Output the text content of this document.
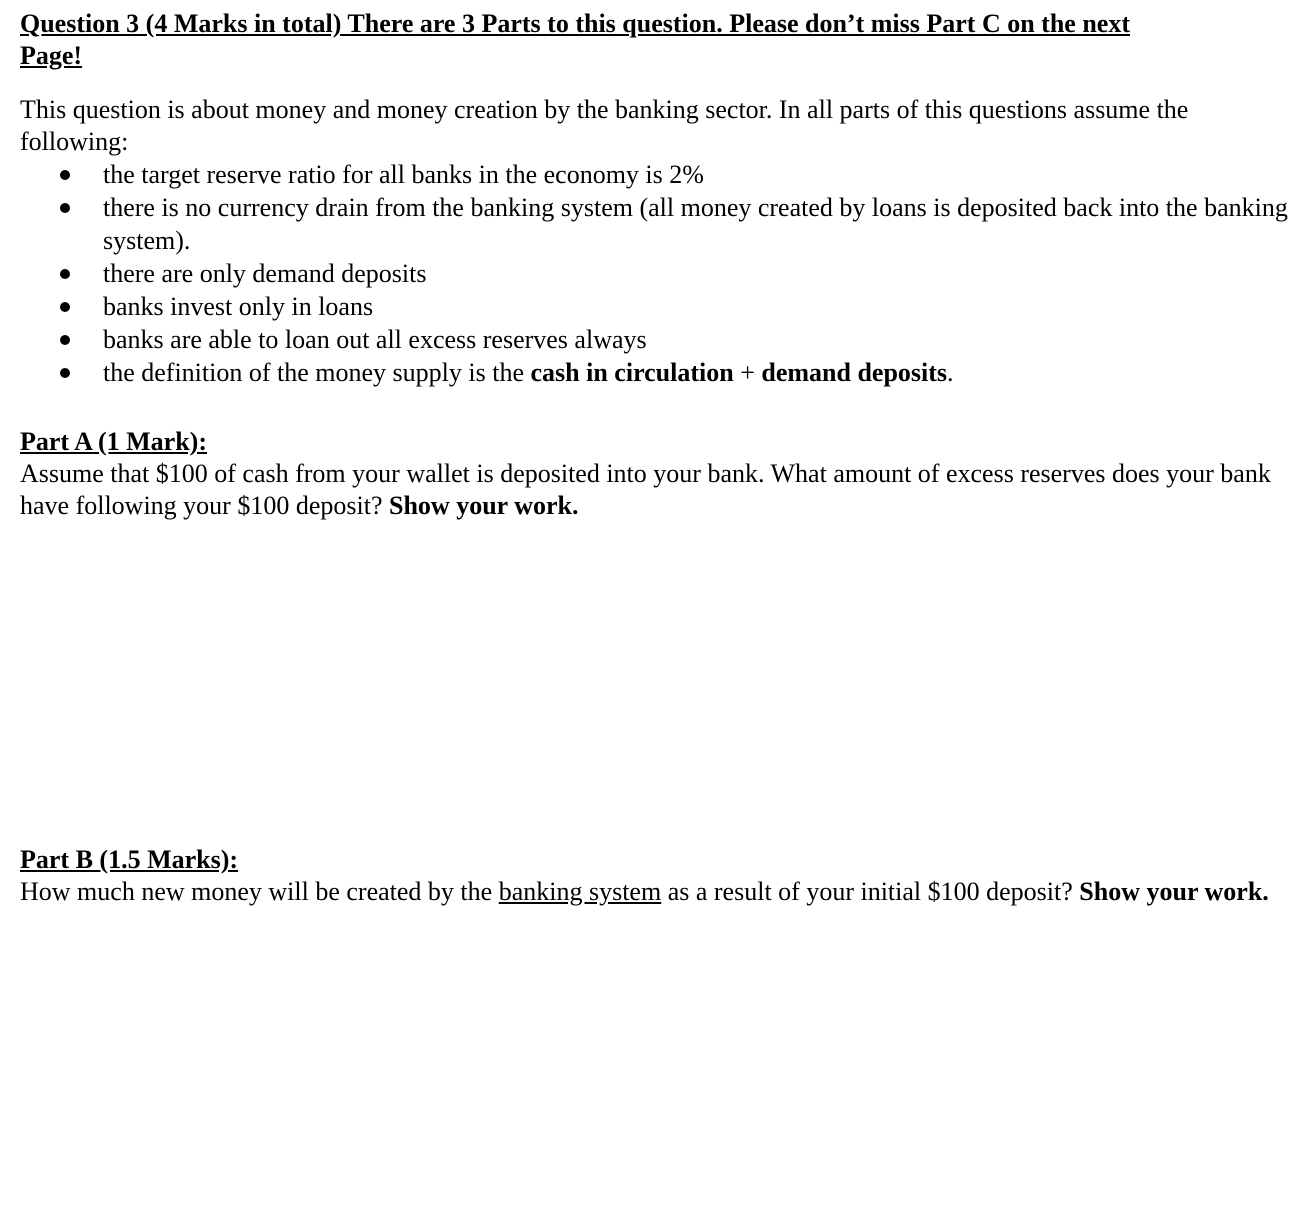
Question 3 (4 Marks in total) There are 3 Parts to this question. Please don’t miss Part C on the next
Page!

This question is about money and money creation by the banking sector. In all parts of this questions assume the following:

the target reserve ratio for all banks in the economy is 2%
there is no currency drain from the banking system (all money created by loans is deposited back into the banking system).
there are only demand deposits
banks invest only in loans
banks are able to loan out all excess reserves always
the definition of the money supply is the cash in circulation + demand deposits.

Part A (1 Mark):

Assume that $100 of cash from your wallet is deposited into your bank. What amount of excess reserves does your bank have following your $100 deposit? Show your work.

Part B (1.5 Marks):

How much new money will be created by the banking system as a result of your initial $100 deposit? Show your work.
